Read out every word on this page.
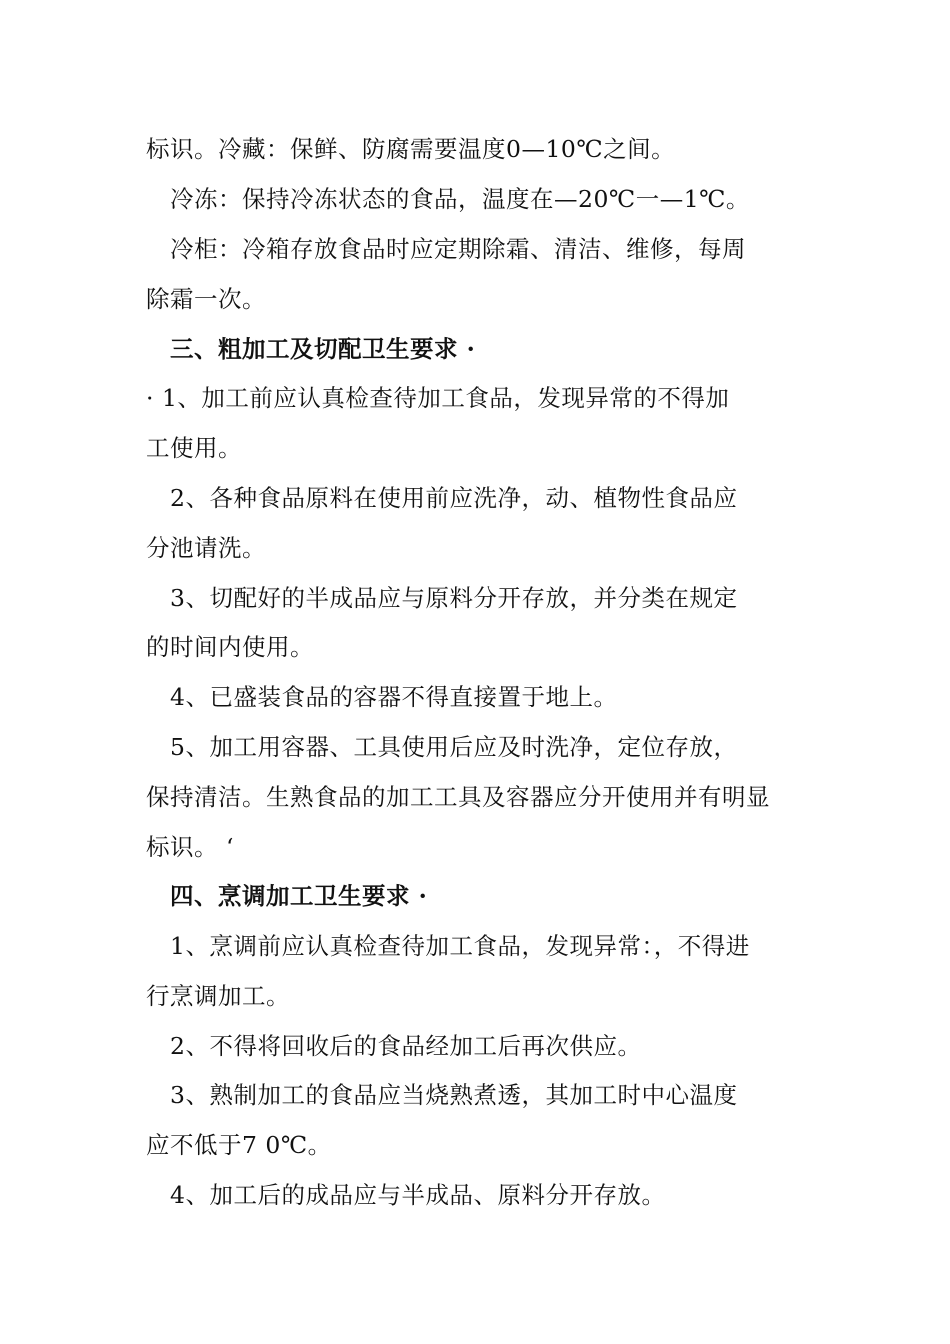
标识。冷藏：保鲜、防腐需要温度0—10℃之间。
冷冻：保持冷冻状态的食品，温度在—20℃一—1℃。
冷柜：冷箱存放食品时应定期除霜、清洁、维修，每周
除霜一次。
三、粗加工及切配卫生要求 ·
· 1、加工前应认真检查待加工食品，发现异常的不得加
工使用。
2、各种食品原料在使用前应洗净，动、植物性食品应
分池请洗。
3、切配好的半成品应与原料分开存放，并分类在规定
的时间内使用。
4、已盛装食品的容器不得直接置于地上。
5、加工用容器、工具使用后应及时洗净，定位存放，
保持清洁。生熟食品的加工工具及容器应分开使用并有明显
标识。 ‘
四、烹调加工卫生要求 ·
1、烹调前应认真检查待加工食品，发现异常：，不得进
行烹调加工。
2、不得将回收后的食品经加工后再次供应。
3、熟制加工的食品应当烧熟煮透，其加工时中心温度
应不低于7 0℃。
4、加工后的成品应与半成品、原料分开存放。
